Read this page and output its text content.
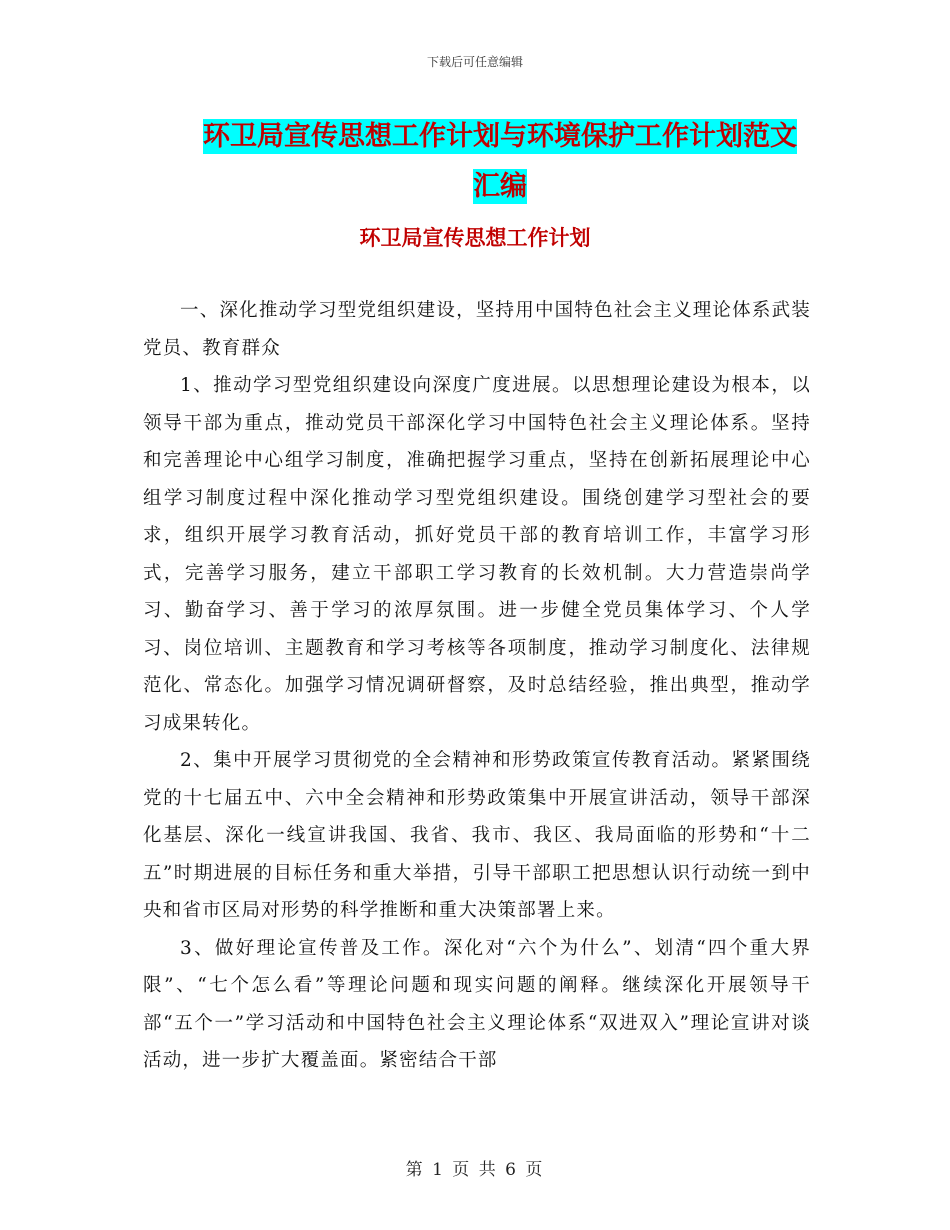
下载后可任意编辑
环卫局宣传思想工作计划与环境保护工作计划范文汇编
环卫局宣传思想工作计划

一、深化推动学习型党组织建设，坚持用中国特色社会主义理论体系武装党员、教育群众

1、推动学习型党组织建设向深度广度进展。以思想理论建设为根本，以领导干部为重点，推动党员干部深化学习中国特色社会主义理论体系。坚持和完善理论中心组学习制度，准确把握学习重点，坚持在创新拓展理论中心组学习制度过程中深化推动学习型党组织建设。围绕创建学习型社会的要求，组织开展学习教育活动，抓好党员干部的教育培训工作，丰富学习形式，完善学习服务，建立干部职工学习教育的长效机制。大力营造崇尚学习、勤奋学习、善于学习的浓厚氛围。进一步健全党员集体学习、个人学习、岗位培训、主题教育和学习考核等各项制度，推动学习制度化、法律规范化、常态化。加强学习情况调研督察，及时总结经验，推出典型，推动学习成果转化。

2、集中开展学习贯彻党的全会精神和形势政策宣传教育活动。紧紧围绕党的十七届五中、六中全会精神和形势政策集中开展宣讲活动，领导干部深化基层、深化一线宣讲我国、我省、我市、我区、我局面临的形势和“十二五”时期进展的目标任务和重大举措，引导干部职工把思想认识行动统一到中央和省市区局对形势的科学推断和重大决策部署上来。

3、做好理论宣传普及工作。深化对“六个为什么”、划清“四个重大界限”、“七个怎么看”等理论问题和现实问题的阐释。继续深化开展领导干部“五个一”学习活动和中国特色社会主义理论体系“双进双入”理论宣讲对谈活动，进一步扩大覆盖面。紧密结合干部

第 1 页 共 6 页
